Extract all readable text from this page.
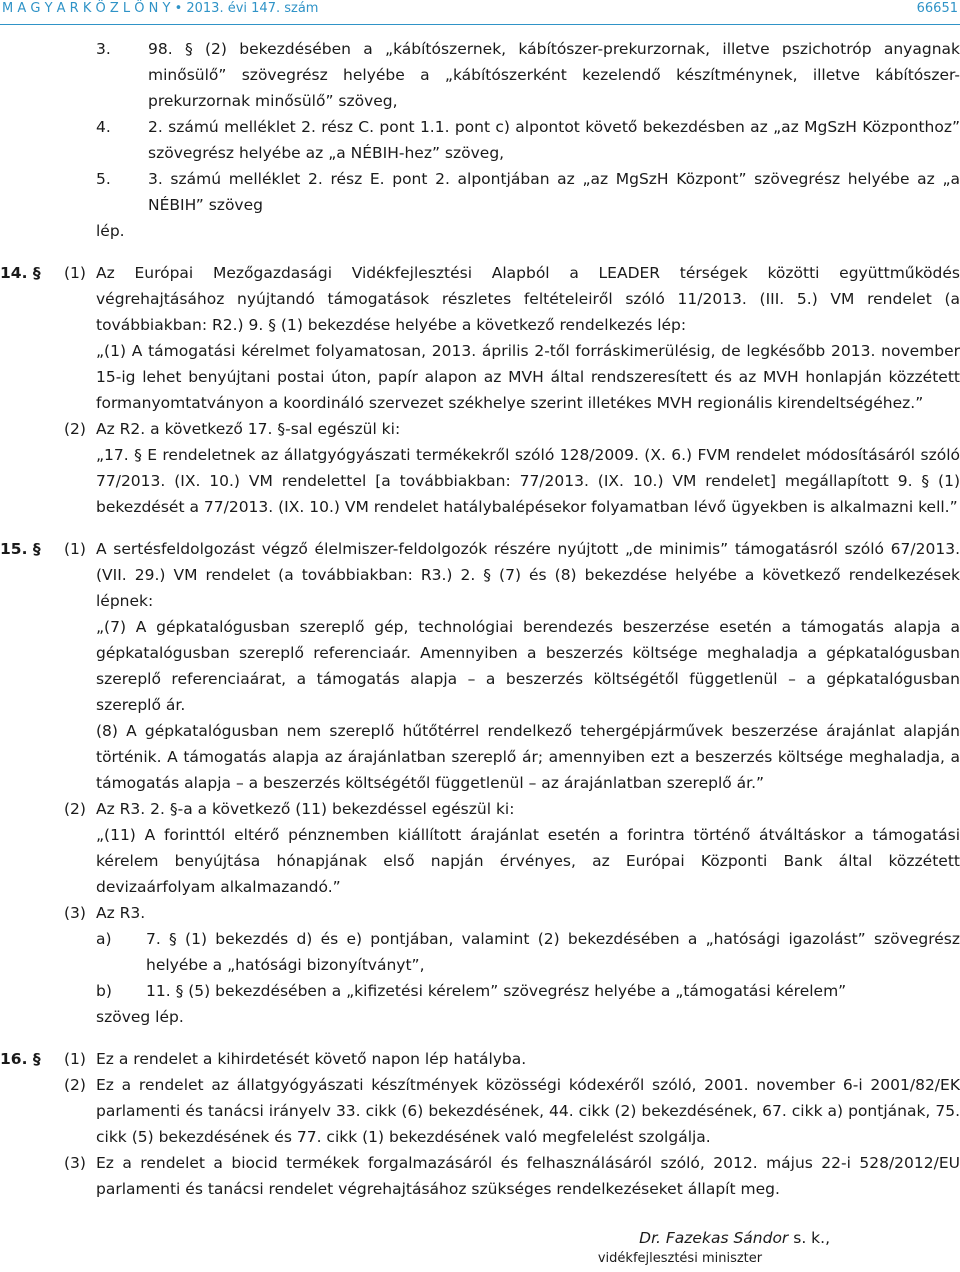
M A G Y A R K Ö Z L Ö N Y • 2013. évi 147. szám	66651
3. 98. § (2) bekezdésében a „kábítószernek, kábítószer-prekurzornak, illetve pszichotróp anyagnak minősülő” szövegrész helyébe a „kábítószerként kezelendő készítménynek, illetve kábítószer-prekurzornak minősülő” szöveg,

4. 2. számú melléklet 2. rész C. pont 1.1. pont c) alpontot követő bekezdésben az „az MgSzH Központhoz” szövegrész helyébe az „a NÉBIH-hez” szöveg,

5. 3. számú melléklet 2. rész E. pont 2. alpontjában az „az MgSzH Központ” szövegrész helyébe az „a NÉBIH” szöveg

lép.
14. § (1) Az Európai Mezőgazdasági Vidékfejlesztési Alapból a LEADER térségek közötti együttműködés végrehajtásához nyújtandó támogatások részletes feltételeiről szóló 11/2013. (III. 5.) VM rendelet (a továbbiakban: R2.) 9. § (1) bekezdése helyébe a következő rendelkezés lép:

„(1) A támogatási kérelmet folyamatosan, 2013. április 2-től forráskimerülésig, de legkésőbb 2013. november 15-ig lehet benyújtani postai úton, papír alapon az MVH által rendszeresített és az MVH honlapján közzétett formanyomtatványon a koordináló szervezet székhelye szerint illetékes MVH regionális kirendeltségéhez.”

(2) Az R2. a következő 17. §-sal egészül ki:

„17. § E rendeletnek az állatgyógyászati termékekről szóló 128/2009. (X. 6.) FVM rendelet módosításáról szóló 77/2013. (IX. 10.) VM rendelettel [a továbbiakban: 77/2013. (IX. 10.) VM rendelet] megállapított 9. § (1) bekezdését a 77/2013. (IX. 10.) VM rendelet hatálybalépésekor folyamatban lévő ügyekben is alkalmazni kell.”

15. § (1) A sertésfeldolgozást végző élelmiszer-feldolgozók részére nyújtott „de minimis” támogatásról szóló 67/2013. (VII. 29.) VM rendelet (a továbbiakban: R3.) 2. § (7) és (8) bekezdése helyébe a következő rendelkezések lépnek:

„(7) A gépkatalógusban szereplő gép, technológiai berendezés beszerzése esetén a támogatás alapja a gépkatalógusban szereplő referenciaár. Amennyiben a beszerzés költsége meghaladja a gépkatalógusban szereplő referenciaárat, a támogatás alapja – a beszerzés költségétől függetlenül – a gépkatalógusban szereplő ár.

(8) A gépkatalógusban nem szereplő hűtőtérrel rendelkező tehergépjárművek beszerzése árajánlat alapján történik. A támogatás alapja az árajánlatban szereplő ár; amennyiben ezt a beszerzés költsége meghaladja, a támogatás alapja – a beszerzés költségétől függetlenül – az árajánlatban szereplő ár.”

(2) Az R3. 2. §-a a következő (11) bekezdéssel egészül ki:

„(11) A forinttól eltérő pénznemben kiállított árajánlat esetén a forintra történő átváltáskor a támogatási kérelem benyújtása hónapjának első napján érvényes, az Európai Központi Bank által közzétett devizaárfolyam alkalmazandó.”

(3) Az R3.

a) 7. § (1) bekezdés d) és e) pontjában, valamint (2) bekezdésében a „hatósági igazolást” szövegrész helyébe a „hatósági bizonyítványt”,

b) 11. § (5) bekezdésében a „kifizetési kérelem” szövegrész helyébe a „támogatási kérelem”

szöveg lép.

16. § (1) Ez a rendelet a kihirdetését követő napon lép hatályba.

(2) Ez a rendelet az állatgyógyászati készítmények közösségi kódexéről szóló, 2001. november 6-i 2001/82/EK parlamenti és tanácsi irányelv 33. cikk (6) bekezdésének, 44. cikk (2) bekezdésének, 67. cikk a) pontjának, 75. cikk (5) bekezdésének és 77. cikk (1) bekezdésének való megfelelést szolgálja.

(3) Ez a rendelet a biocid termékek forgalmazásáról és felhasználásáról szóló, 2012. május 22-i 528/2012/EU parlamenti és tanácsi rendelet végrehajtásához szükséges rendelkezéseket állapít meg.

Dr. Fazekas Sándor s. k.,
vidékfejlesztési miniszter
